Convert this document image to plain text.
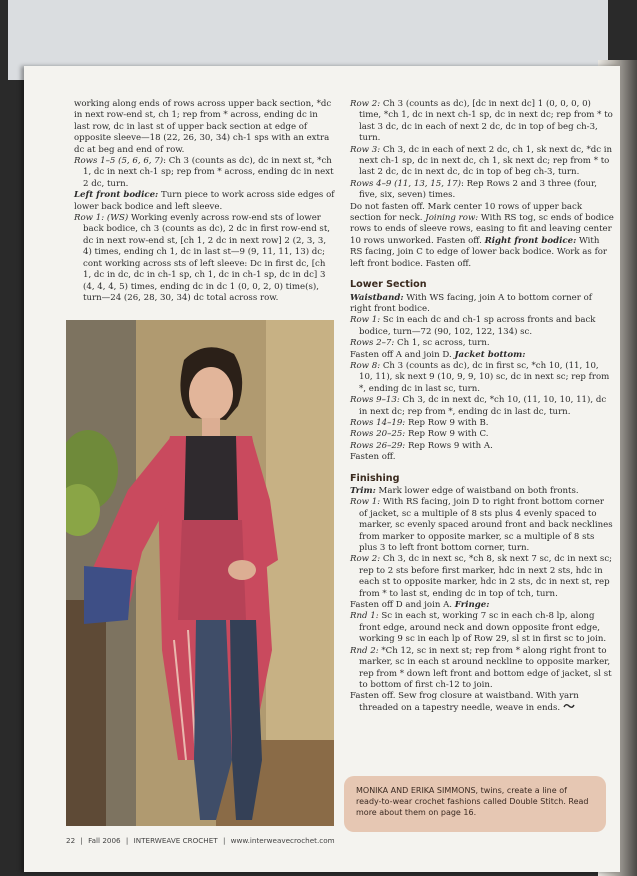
working along ends of rows across upper back section, *dc in next row-end st, ch 1; rep from * across, ending dc in last row, dc in last st of upper back section at edge of opposite sleeve—18 (22, 26, 30, 34) ch-1 sps with an extra dc at beg and end of row.

Rows 1–5 (5, 6, 6, 7): Ch 3 (counts as dc), dc in next st, *ch 1, dc in next ch-1 sp; rep from * across, ending dc in next 2 dc, turn.

Left front bodice: Turn piece to work across side edges of lower back bodice and left sleeve.

Row 1: (WS) Working evenly across row-end sts of lower back bodice, ch 3 (counts as dc), 2 dc in first row-end st, dc in next row-end st, [ch 1, 2 dc in next row] 2 (2, 3, 3, 4) times, ending ch 1, dc in last st—9 (9, 11, 11, 13) dc; cont working across sts of left sleeve: Dc in first dc, [ch 1, dc in dc, dc in ch-1 sp, ch 1, dc in ch-1 sp, dc in dc] 3 (4, 4, 4, 5) times, ending dc in dc 1 (0, 0, 2, 0) time(s), turn—24 (26, 28, 30, 34) dc total across row.

Row 2: Ch 3 (counts as dc), [dc in next dc] 1 (0, 0, 0, 0) time, *ch 1, dc in next ch-1 sp, dc in next dc; rep from * to last 3 dc, dc in each of next 2 dc, dc in top of beg ch-3, turn.

Row 3: Ch 3, dc in each of next 2 dc, ch 1, sk next dc, *dc in next ch-1 sp, dc in next dc, ch 1, sk next dc; rep from * to last 2 dc, dc in next dc, dc in top of beg ch-3, turn.

Rows 4–9 (11, 13, 15, 17): Rep Rows 2 and 3 three (four, five, six, seven) times.

Do not fasten off. Mark center 10 rows of upper back section for neck. Joining row: With RS tog, sc ends of bodice rows to ends of sleeve rows, easing to fit and leaving center 10 rows unworked. Fasten off. Right front bodice: With RS facing, join C to edge of lower back bodice. Work as for left front bodice. Fasten off.

Lower Section

Waistband: With WS facing, join A to bottom corner of right front bodice.

Row 1: Sc in each dc and ch-1 sp across fronts and back bodice, turn—72 (90, 102, 122, 134) sc.

Rows 2–7: Ch 1, sc across, turn.

Fasten off A and join D. Jacket bottom:

Row 8: Ch 3 (counts as dc), dc in first sc, *ch 10, (11, 10, 10, 11), sk next 9 (10, 9, 9, 10) sc, dc in next sc; rep from *, ending dc in last sc, turn.

Rows 9–13: Ch 3, dc in next dc, *ch 10, (11, 10, 10, 11), dc in next dc; rep from *, ending dc in last dc, turn.

Rows 14–19: Rep Row 9 with B.

Rows 20–25: Rep Row 9 with C.

Rows 26–29: Rep Rows 9 with A.

Fasten off.

Finishing

Trim: Mark lower edge of waistband on both fronts.

Row 1: With RS facing, join D to right front bottom corner of jacket, sc a multiple of 8 sts plus 4 evenly spaced to marker, sc evenly spaced around front and back necklines from marker to opposite marker, sc a multiple of 8 sts plus 3 to left front bottom corner, turn.

Row 2: Ch 3, dc in next sc, *ch 8, sk next 7 sc, dc in next sc; rep to 2 sts before first marker, hdc in next 2 sts, hdc in each st to opposite marker, hdc in 2 sts, dc in next st, rep from * to last st, ending dc in top of tch, turn.

Fasten off D and join A. Fringe:

Rnd 1: Sc in each st, working 7 sc in each ch-8 lp, along front edge, around neck and down opposite front edge, working 9 sc in each lp of Row 29, sl st in first sc to join.

Rnd 2: *Ch 12, sc in next st; rep from * along right front to marker, sc in each st around neckline to opposite marker, rep from * down left front and bottom edge of jacket, sl st to bottom of first ch-12 to join.

Fasten off. Sew frog closure at waistband. With yarn threaded on a tapestry needle, weave in ends.

MONIKA AND ERIKA SIMMONS, twins, create a line of ready-to-wear crochet fashions called Double Stitch. Read more about them on page 16.

22 | Fall 2006 | INTERWEAVE CROCHET | www.interweavecrochet.com
